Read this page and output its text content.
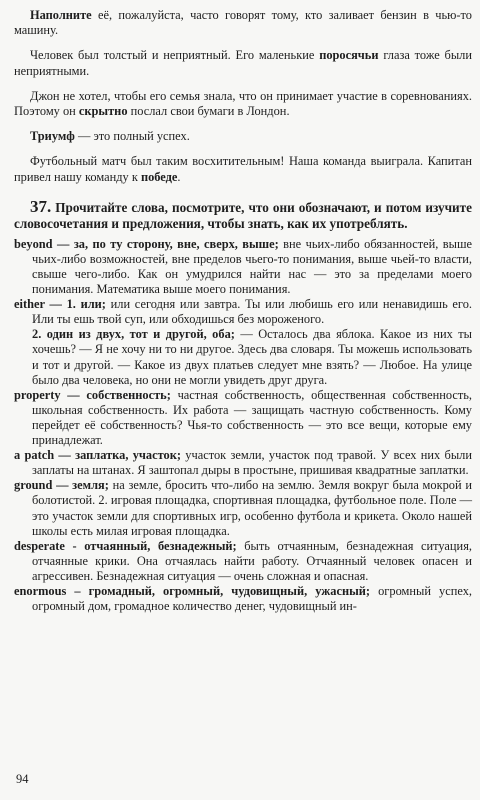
Наполните её, пожалуйста, часто говорят тому, кто заливает бензин в чью-то машину.

Человек был толстый и неприятный. Его маленькие поросячьи глаза тоже были неприятными.

Джон не хотел, чтобы его семья знала, что он принимает участие в соревнованиях. Поэтому он скрытно послал свои бумаги в Лондон.

Триумф — это полный успех.

Футбольный матч был таким восхитительным! Наша команда выиграла. Капитан привел нашу команду к победе.

37. Прочитайте слова, посмотрите, что они обозначают, и потом изучите словосочетания и предложения, чтобы знать, как их употреблять.

beyond — за, по ту сторону, вне, сверх, выше; вне чьих-либо обязанностей, выше чьих-либо возможностей, вне пределов чьего-то понимания, выше чьей-то власти, свыше чего-либо. Как он умудрился найти нас — это за пределами моего понимания. Математика выше моего понимания.

either — 1. или; или сегодня или завтра. Ты или любишь его или ненавидишь его. Или ты ешь твой суп, или обходишься без мороженого.

2. один из двух, тот и другой, оба; — Осталось два яблока. Какое из них ты хочешь? — Я не хочу ни то ни другое. Здесь два словаря. Ты можешь использовать и тот и другой. — Какое из двух платьев следует мне взять? — Любое. На улице было два человека, но они не могли увидеть друг друга.

property — собственность; частная собственность, общественная собственность, школьная собственность. Их работа — защищать частную собственность. Кому перейдет её собственность? Чья-то собственность — это все вещи, которые ему принадлежат.

a patch — заплатка, участок; участок земли, участок под травой. У всех них были заплаты на штанах. Я заштопал дыры в простыне, пришивая квадратные заплатки.

ground — земля; на земле, бросить что-либо на землю. Земля вокруг была мокрой и болотистой. 2. игровая площадка, спортивная площадка, футбольное поле. Поле — это участок земли для спортивных игр, особенно футбола и крикета. Около нашей школы есть милая игровая площадка.

desperate - отчаянный, безнадежный; быть отчаянным, безнадежная ситуация, отчаянные крики. Она отчаялась найти работу. Отчаянный человек опасен и агрессивен. Безнадежная ситуация — очень сложная и опасная.

enormous – громадный, огромный, чудовищный, ужасный; огромный успех, огромный дом, громадное количество денег, чудовищный ин-

94
